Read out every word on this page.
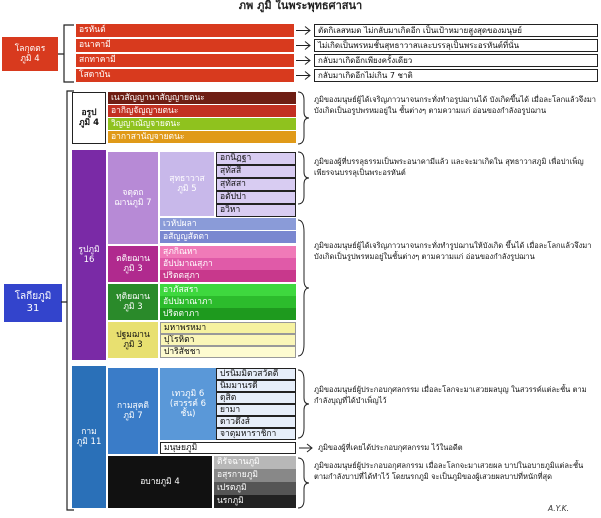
ภพ ภูมิ ในพระพุทธศาสนา
โลกุตตร
ภูมิ 4
โลกียภูมิ
31
อรูป
ภูมิ 4
ภูมิของมนุษย์ผู้ได้เจริญภาวนาจนกระทั่งทำอรูปฌานได้ บังเกิดขึ้นได้ เมื่อละโลกแล้วจึงมาบังเกิดเป็นอรูปพรหมอยู่ใน ชั้นต่างๆ ตามความแก่ อ่อนของกำลังอรูปฌาน
รูปภูมิ
16
ภูมิของผู้ที่บรรลุธรรมเป็นพระอนาคามีแล้ว และจะมาเกิดใน สุทธาวาสภูมิ เพื่อปาเพ็ญเพียรจนบรรลุเป็นพระอรหันต์
ภูมิของมนุษย์ผู้ได้เจริญภาวนาจนกระทั่งทำรูปฌานให้บังเกิด ขึ้นได้ เมื่อละโลกแล้วจึงมาบังเกิดเป็นรูปพรหมอยู่ในชั้นต่างๆ ตามความแก่ อ่อนของกำลังรูปฌาน
กาม
ภูมิ 11
กามสุคติ
ภูมิ 7
เทวภูมิ 6
(สวรรค์ 6
ชั้น)
มนุษยภูมิ
อบายภูมิ 4
ภูมิของมนุษย์ผู้ประกอบกุศลกรรม เมื่อละโลกจะมาเสวยผลบุญ ในสวรรค์แต่ละชั้น ตามกำลังบุญที่ได้บำเพ็ญไว้
ภูมิของผู้ที่เคยได้ประกอบกุศลกรรม ไว้ในอดีต
ภูมิของมนุษย์ผู้ประกอบอกุศลกรรม เมื่อละโลกจะมาเสวยผล บาปในอบายภูมิแต่ละชั้น ตามกำลังบาปที่ได้ทำไว้ โดยนรกภูมิ จะเป็นภูมิของผู้เสวยผลบาปที่หนักที่สุด
A.Y.K.
อรหันต์	ตัดกิเลสหมด ไม่กลับมาเกิดอีก เป็นเป้าหมายสูงสุดของมนุษย์
อนาคามี	ไม่เกิดเป็นพรหมชั้นสุทธาวาสและบรรลุเป็นพระอรหันต์ที่นั่น
สกทาคามี	กลับมาเกิดอีกเพียงครั้งเดียว
โสดาบัน	กลับมาเกิดอีกไม่เกิน 7 ชาติ
เนวสัญญานาสัญญายตนะ
อากิญจัญญายตนะ
วิญญาณัญจายตนะ
อากาสานัญจายตนะ
จตุตถ
ฌานภูมิ 7
สุทธาวาส
ภูมิ 5
อกนิฏฐา
สุทัสสี
สุทัสสา
อตัปปา
อวิหา
เวหัปผลา
อสัญญสัตตา
ตติยฌาน
ภูมิ 3
สุภกิณหา
อัปปมาณสุภา
ปริตตสุภา
ทุติยฌาน
ภูมิ 3
อาภัสสรา
อัปปมาณาภา
ปริตตาภา
ปฐมฌาน
ภูมิ 3
มหาพรหมา
ปุโรหิตา
ปาริสัชชา
ปรนิมมิตวสวัตตี
นิมมานรดี
ดุสิต
ยามา
ดาวดึงส์
จาตุมหาราชิกา
ติรัจฉานภูมิ
อสุรกายภูมิ
เปรตภูมิ
นรกภูมิ
